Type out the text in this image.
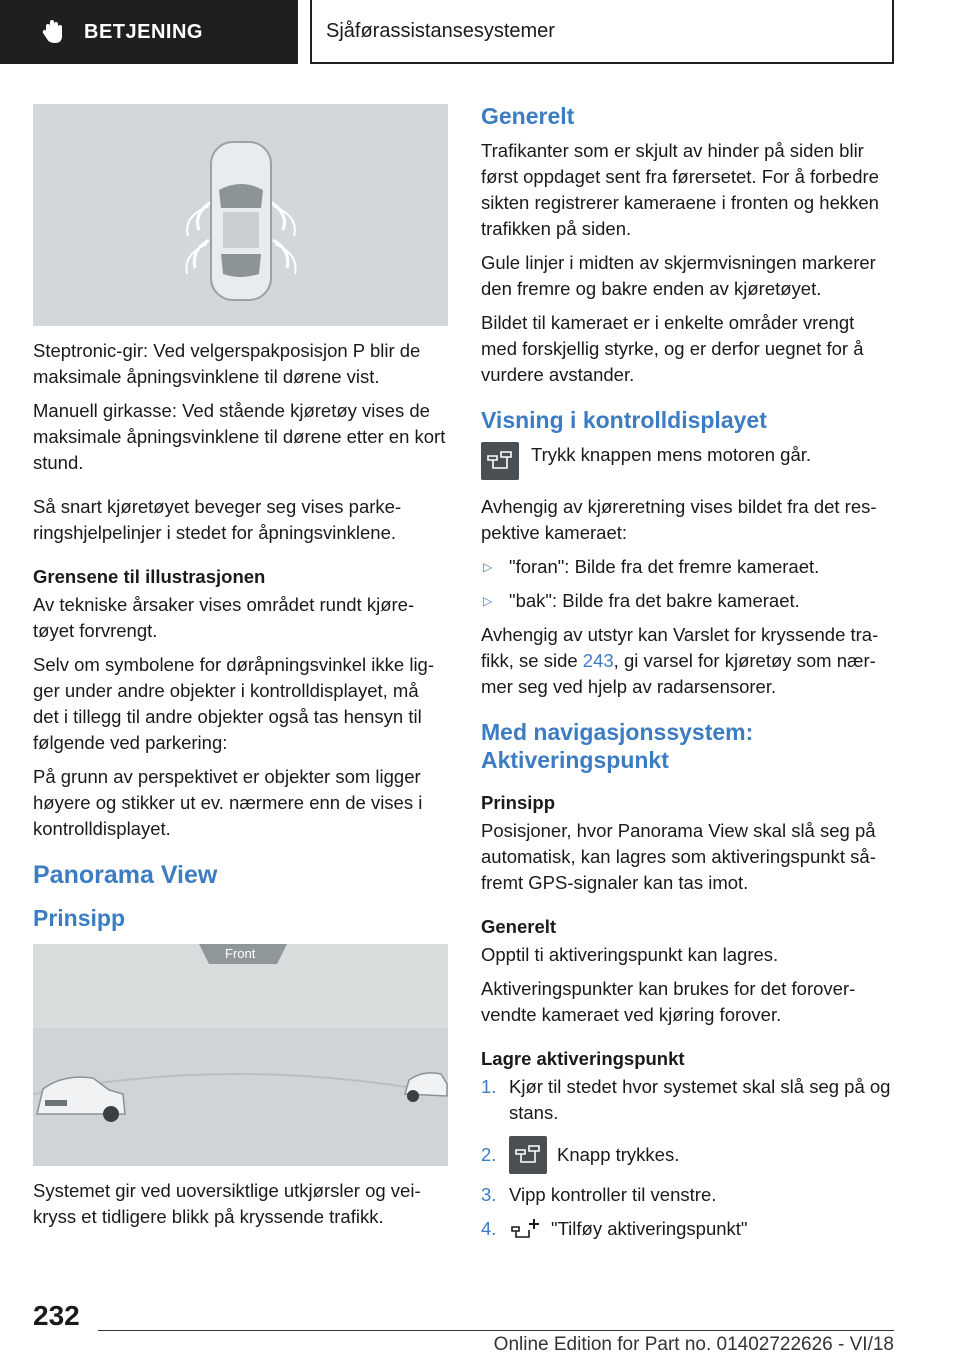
BETJENING	Sjåførassistansesystemer

Steptronic-gir: Ved velgerspakposisjon P blir de maksimale åpningsvinklene til dørene vist.

Manuell girkasse: Ved stående kjøretøy vises de maksimale åpningsvinklene til dørene etter en kort stund.

Så snart kjøretøyet beveger seg vises parkeringshjelpelinjer i stedet for åpningsvinklene.

Grensene til illustrasjonen

Av tekniske årsaker vises området rundt kjøretøyet forvrengt.

Selv om symbolene for døråpningsvinkel ikke ligger under andre objekter i kontrolldisplayet, må det i tillegg til andre objekter også tas hensyn til følgende ved parkering:

På grunn av perspektivet er objekter som ligger høyere og stikker ut ev. nærmere enn de vises i kontrolldisplayet.

Panorama View
Prinsipp
Front

Systemet gir ved uoversiktlige utkjørsler og veikryss et tidligere blikk på kryssende trafikk.

Generelt

Trafikanter som er skjult av hinder på siden blir først oppdaget sent fra førersetet. For å forbedre sikten registrerer kameraene i fronten og hekken trafikken på siden.

Gule linjer i midten av skjermvisningen markerer den fremre og bakre enden av kjøretøyet.

Bildet til kameraet er i enkelte områder vrengt med forskjellig styrke, og er derfor uegnet for å vurdere avstander.

Visning i kontrolldisplayet

Trykk knappen mens motoren går.

Avhengig av kjøreretning vises bildet fra det respektive kameraet:

▷ "foran": Bilde fra det fremre kameraet.

▷ "bak": Bilde fra det bakre kameraet.

Avhengig av utstyr kan Varslet for kryssende trafikk, se side 243, gi varsel for kjøretøy som nærmer seg ved hjelp av radarsensorer.

Med navigasjonssystem: Aktiveringspunkt
Prinsipp

Posisjoner, hvor Panorama View skal slå seg på automatisk, kan lagres som aktiveringspunkt såfremt GPS-signaler kan tas imot.

Generelt

Opptil ti aktiveringspunkt kan lagres.

Aktiveringspunkter kan brukes for det forovervendte kameraet ved kjøring forover.

Lagre aktiveringspunkt
1. Kjør til stedet hvor systemet skal slå seg på og stans.

2.	Knapp trykkes.

3. Vipp kontroller til venstre.

4.	"Tilføy aktiveringspunkt"

232
Online Edition for Part no. 01402722626 - VI/18
